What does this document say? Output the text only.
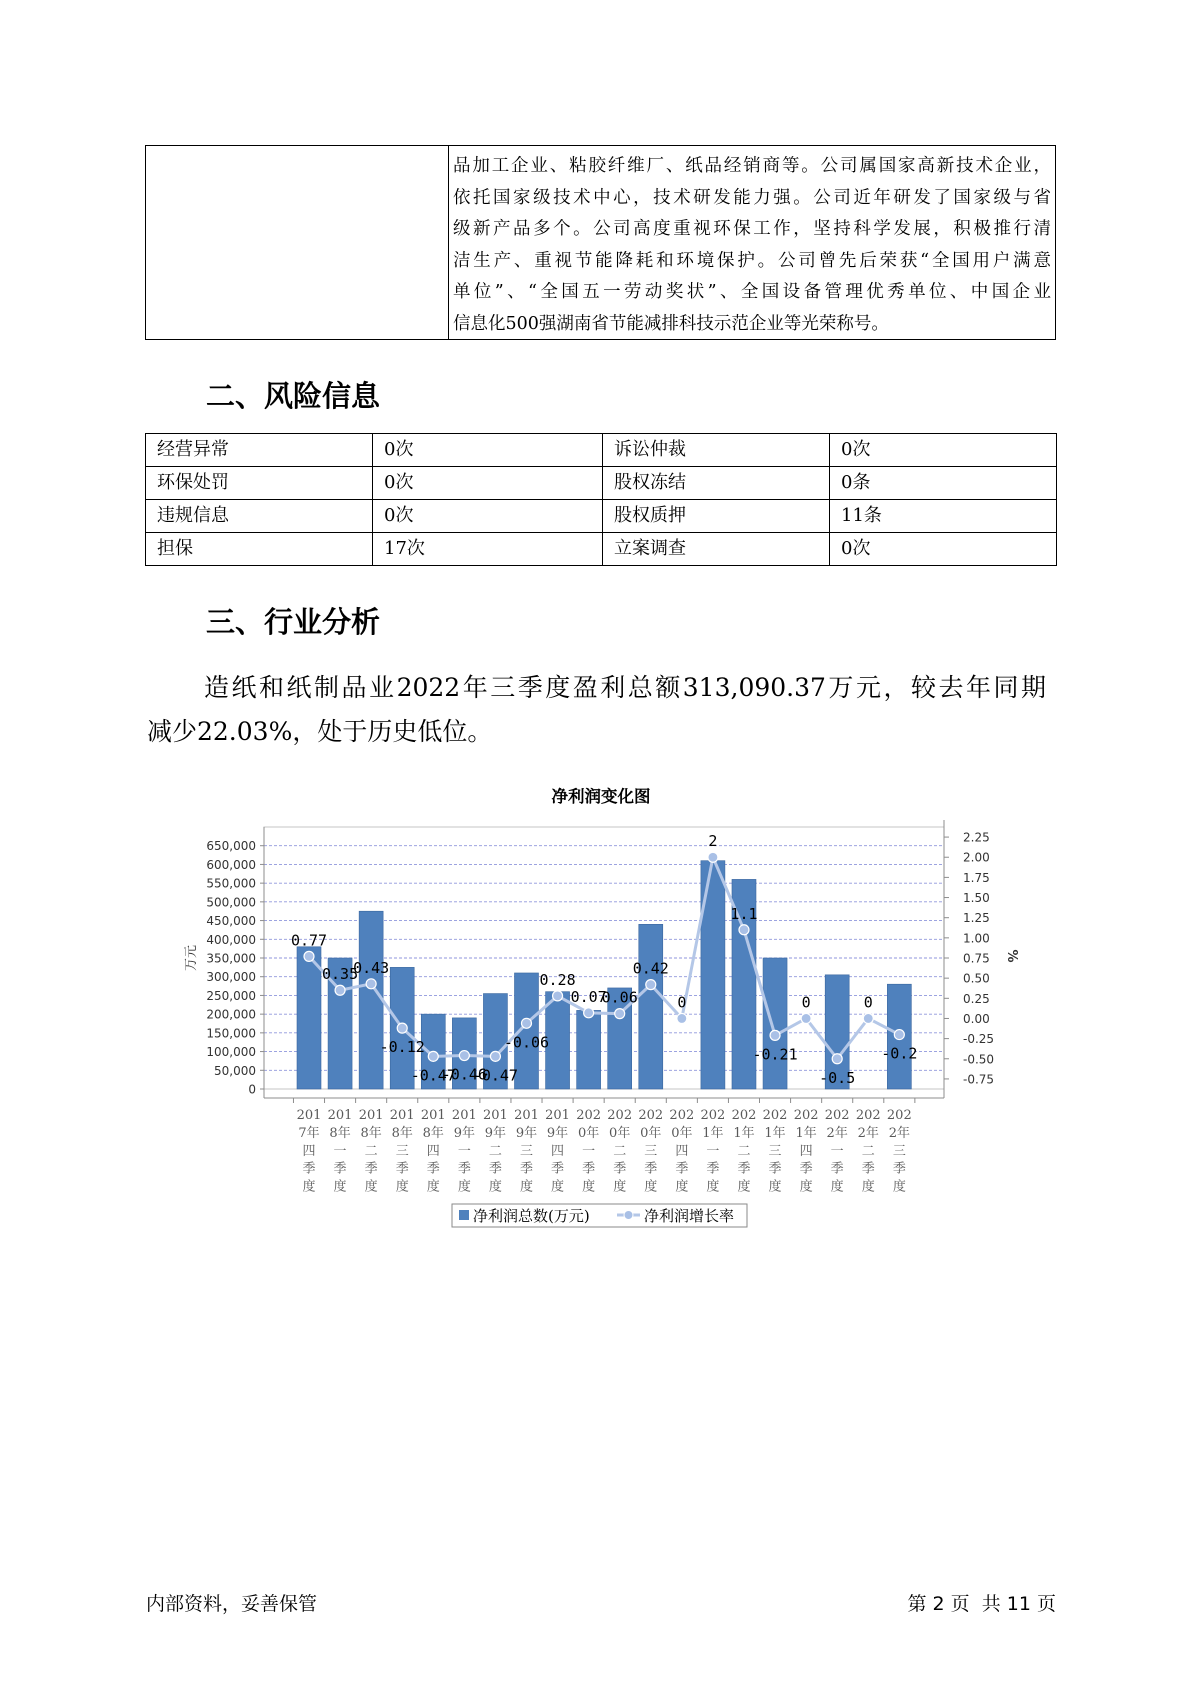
品加工企业、粘胶纤维厂、纸品经销商等。公司属国家高新技术企业，
依托国家级技术中心，技术研发能力强。公司近年研发了国家级与省
级新产品多个。公司高度重视环保工作，坚持科学发展，积极推行清
洁生产、重视节能降耗和环境保护。公司曾先后荣获“全国用户满意
单位”、“全国五一劳动奖状”、全国设备管理优秀单位、中国企业
信息化500强湖南省节能减排科技示范企业等光荣称号。
二、风险信息
经营异常	0次	诉讼仲裁	0次
环保处罚	0次	股权冻结	0条
违规信息	0次	股权质押	11条
担保	17次	立案调查	0次
三、行业分析
造纸和纸制品业2022年三季度盈利总额313,090.37万元，较去年同期
减少22.03%，处于历史低位。
净利润变化图
0
50,000
100,000
150,000
200,000
250,000
300,000
350,000
400,000
450,000
500,000
550,000
600,000
650,000
2.25
2.00
1.75
1.50
1.25
1.00
0.75
0.50
0.25
0.00
-0.25
-0.50
-0.75
0.77
0.35
0.43
-0.12
-0.47
-0.46
-0.47
-0.06
0.28
0.07
0.06
0.42
0
2
1.1
-0.21
0
-0.5
0
-0.2
201 7年四季度
201 8年一季度
201 8年二季度
201 8年三季度
201 8年四季度
201 9年一季度
201 9年二季度
201 9年三季度
201 9年四季度
202 0年一季度
202 0年二季度
202 0年三季度
202 0年四季度
202 1年一季度
202 1年二季度
202 1年三季度
202 1年四季度
202 2年一季度
202 2年二季度
202 2年三季度
万元	%
净利润总数(万元)	净利润增长率
内部资料，妥善保管	第 2 页  共 11 页
